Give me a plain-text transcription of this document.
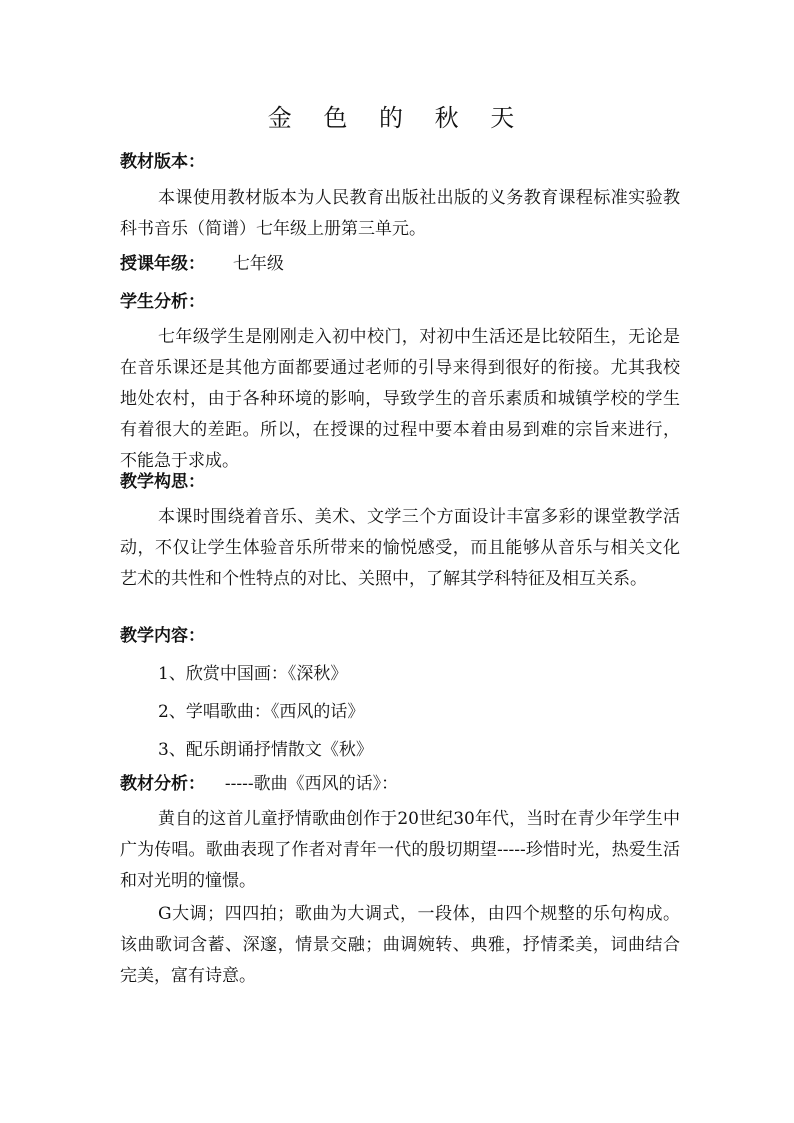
金 色 的 秋 天
教材版本：

本课使用教材版本为人民教育出版社出版的义务教育课程标准实验教科书音乐（简谱）七年级上册第三单元。

授课年级： 七年级
学生分析：

七年级学生是刚刚走入初中校门，对初中生活还是比较陌生，无论是在音乐课还是其他方面都要通过老师的引导来得到很好的衔接。尤其我校地处农村，由于各种环境的影响，导致学生的音乐素质和城镇学校的学生有着很大的差距。所以，在授课的过程中要本着由易到难的宗旨来进行，不能急于求成。

教学构思：

本课时围绕着音乐、美术、文学三个方面设计丰富多彩的课堂教学活动，不仅让学生体验音乐所带来的愉悦感受，而且能够从音乐与相关文化艺术的共性和个性特点的对比、关照中，了解其学科特征及相互关系。

教学内容：
1、欣赏中国画：《深秋》
2、学唱歌曲：《西风的话》
3、配乐朗诵抒情散文《秋》
教材分析： -----歌曲《西风的话》：

黄自的这首儿童抒情歌曲创作于20世纪30年代，当时在青少年学生中广为传唱。歌曲表现了作者对青年一代的殷切期望-----珍惜时光，热爱生活和对光明的憧憬。

G大调；四四拍；歌曲为大调式，一段体，由四个规整的乐句构成。该曲歌词含蓄、深邃，情景交融；曲调婉转、典雅，抒情柔美，词曲结合完美，富有诗意。
